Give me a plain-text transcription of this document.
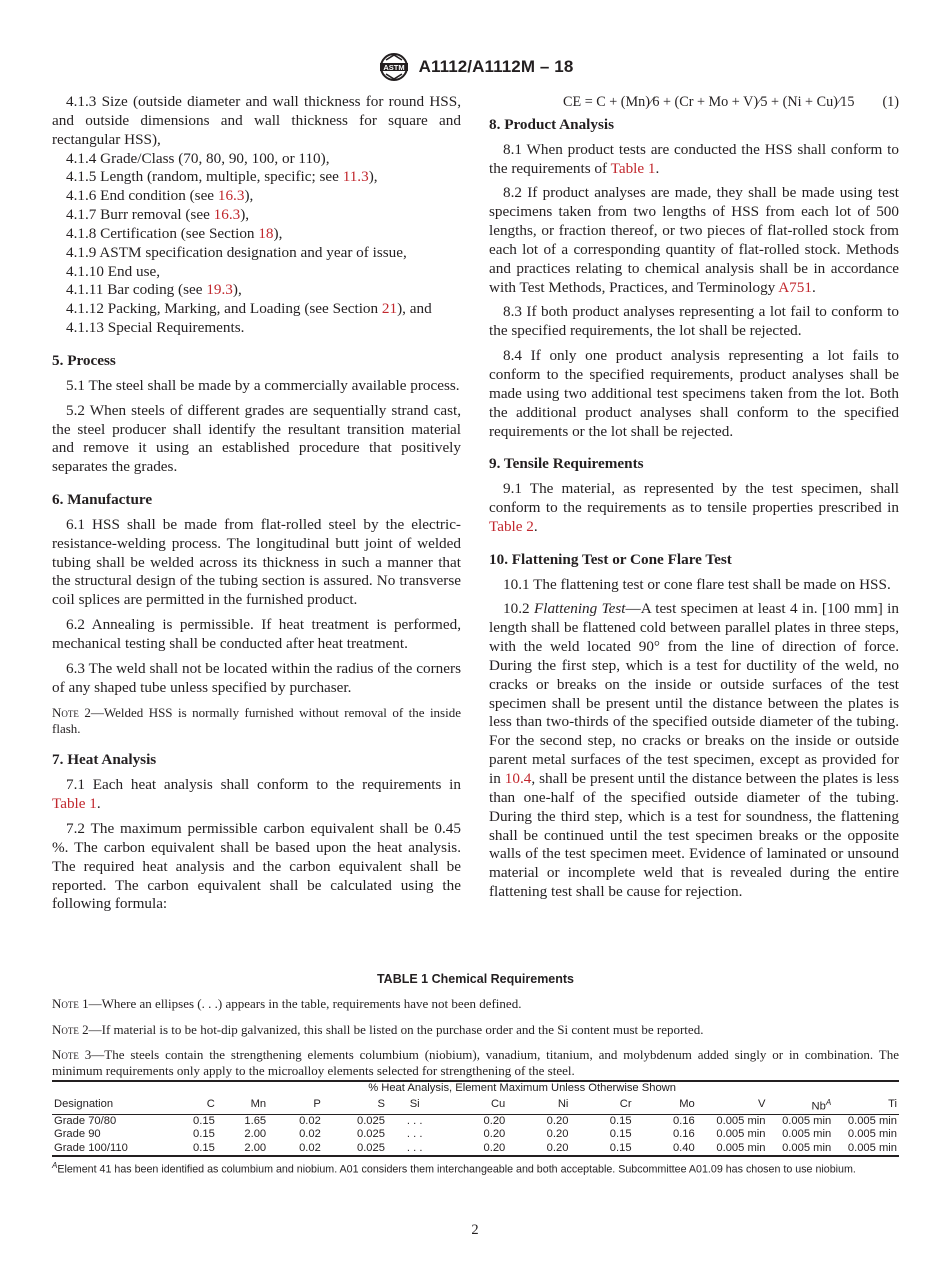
ASTM A1112/A1112M – 18

4.1.3 Size (outside diameter and wall thickness for round HSS, and outside dimensions and wall thickness for square and rectangular HSS),

4.1.4 Grade/Class (70, 80, 90, 100, or 110),

4.1.5 Length (random, multiple, specific; see 11.3),

4.1.6 End condition (see 16.3),

4.1.7 Burr removal (see 16.3),

4.1.8 Certification (see Section 18),

4.1.9 ASTM specification designation and year of issue,

4.1.10 End use,

4.1.11 Bar coding (see 19.3),

4.1.12 Packing, Marking, and Loading (see Section 21), and

4.1.13 Special Requirements.

5. Process

5.1 The steel shall be made by a commercially available process.

5.2 When steels of different grades are sequentially strand cast, the steel producer shall identify the resultant transition material and remove it using an established procedure that positively separates the grades.

6. Manufacture

6.1 HSS shall be made from flat-rolled steel by the electric-resistance-welding process. The longitudinal butt joint of welded tubing shall be welded across its thickness in such a manner that the structural design of the tubing section is assured. No transverse coil splices are permitted in the furnished product.

6.2 Annealing is permissible. If heat treatment is performed, mechanical testing shall be conducted after heat treatment.

6.3 The weld shall not be located within the radius of the corners of any shaped tube unless specified by purchaser.

Note 2—Welded HSS is normally furnished without removal of the inside flash.

7. Heat Analysis

7.1 Each heat analysis shall conform to the requirements in Table 1.

7.2 The maximum permissible carbon equivalent shall be 0.45 %. The carbon equivalent shall be based upon the heat analysis. The required heat analysis and the carbon equivalent shall be reported. The carbon equivalent shall be calculated using the following formula:

CE = C + (Mn)⁄6 + (Cr + Mo + V)⁄5 + (Ni + Cu)⁄15 (1)

8. Product Analysis

8.1 When product tests are conducted the HSS shall conform to the requirements of Table 1.

8.2 If product analyses are made, they shall be made using test specimens taken from two lengths of HSS from each lot of 500 lengths, or fraction thereof, or two pieces of flat-rolled stock from each lot of a corresponding quantity of flat-rolled stock. Methods and practices relating to chemical analysis shall be in accordance with Test Methods, Practices, and Terminology A751.

8.3 If both product analyses representing a lot fail to conform to the specified requirements, the lot shall be rejected.

8.4 If only one product analysis representing a lot fails to conform to the specified requirements, product analyses shall be made using two additional test specimens taken from the lot. Both the additional product analyses shall conform to the specified requirements or the lot shall be rejected.

9. Tensile Requirements

9.1 The material, as represented by the test specimen, shall conform to the requirements as to tensile properties prescribed in Table 2.

10. Flattening Test or Cone Flare Test

10.1 The flattening test or cone flare test shall be made on HSS.

10.2 Flattening Test—A test specimen at least 4 in. [100 mm] in length shall be flattened cold between parallel plates in three steps, with the weld located 90° from the line of direction of force. During the first step, which is a test for ductility of the weld, no cracks or breaks on the inside or outside surfaces of the test specimen shall be present until the distance between the plates is less than two-thirds of the specified outside diameter of the tubing. For the second step, no cracks or breaks on the inside or outside parent metal surfaces of the test specimen, except as provided for in 10.4, shall be present until the distance between the plates is less than one-half of the specified outside diameter of the tubing. During the third step, which is a test for soundness, the flattening shall be continued until the test specimen breaks or the opposite walls of the test specimen meet. Evidence of laminated or unsound material or incomplete weld that is revealed during the entire flattening test shall be cause for rejection.

TABLE 1 Chemical Requirements

Note 1—Where an ellipses (. . .) appears in the table, requirements have not been defined.

Note 2—If material is to be hot-dip galvanized, this shall be listed on the purchase order and the Si content must be reported.

Note 3—The steels contain the strengthening elements columbium (niobium), vanadium, titanium, and molybdenum added singly or in combination. The minimum requirements only apply to the microalloy elements selected for strengthening of the steel.

	% Heat Analysis, Element Maximum Unless Otherwise Shown											
Designation	C	Mn	P	S	Si	Cu	Ni	Cr	Mo	V	$Nb^A$	Ti
Grade 70/80	0.15	1.65	0.02	0.025	. . .	0.20	0.20	0.15	0.16	0.005 min	0.005 min	0.005 min
Grade 90	0.15	2.00	0.02	0.025	. . .	0.20	0.20	0.15	0.16	0.005 min	0.005 min	0.005 min
Grade 100/110	0.15	2.00	0.02	0.025	. . .	0.20	0.20	0.15	0.40	0.005 min	0.005 min	0.005 min
$^A$Element 41 has been identified as columbium and niobium. A01 considers them interchangeable and both acceptable. Subcommittee A01.09 has chosen to use niobium.
2
